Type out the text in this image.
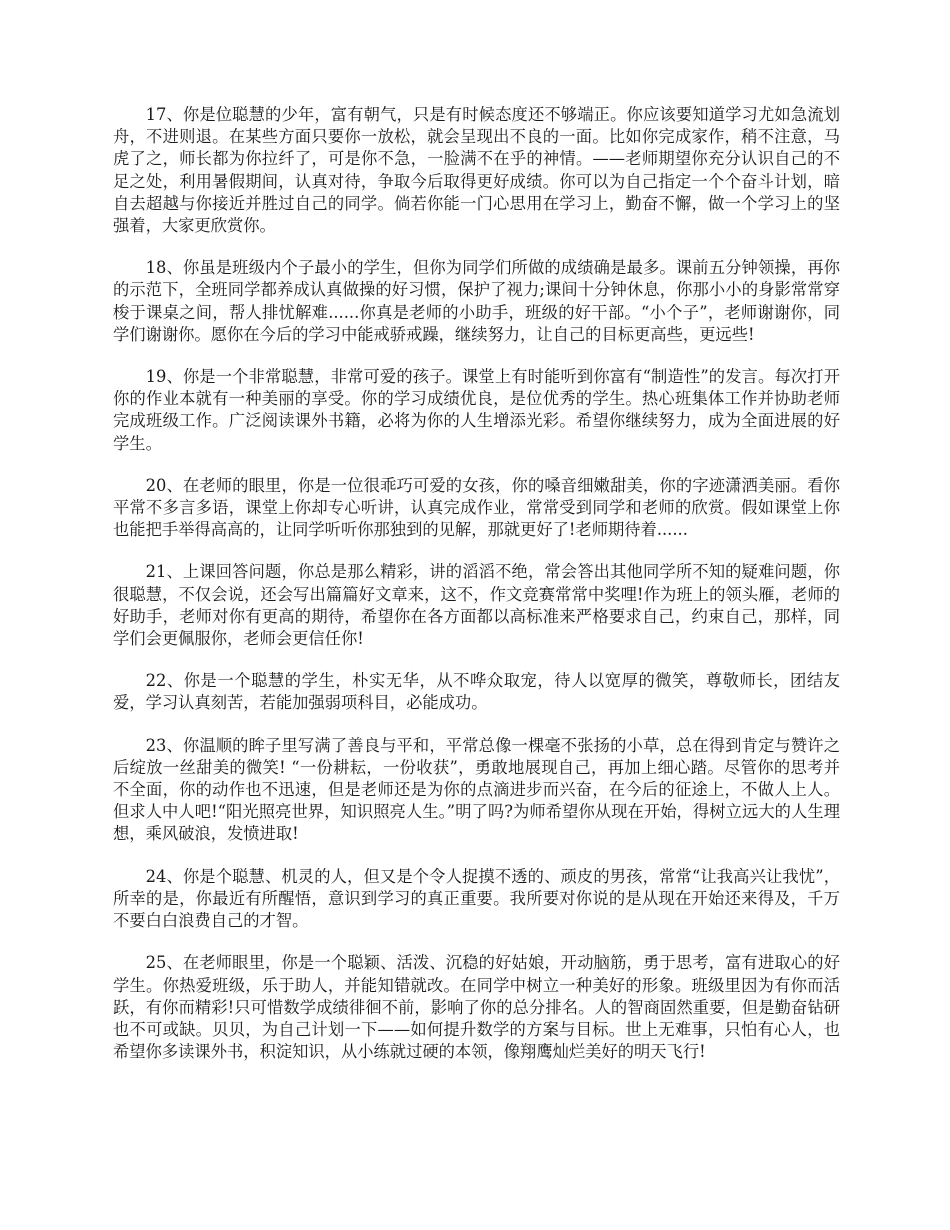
17、你是位聪慧的少年，富有朝气，只是有时候态度还不够端正。你应该要知道学习尤如急流划舟，不进则退。在某些方面只要你一放松，就会呈现出不良的一面。比如你完成家作，稍不注意，马虎了之，师长都为你拉纤了，可是你不急，一脸满不在乎的神情。——老师期望你充分认识自己的不足之处，利用暑假期间，认真对待，争取今后取得更好成绩。你可以为自己指定一个个奋斗计划，暗自去超越与你接近并胜过自己的同学。倘若你能一门心思用在学习上，勤奋不懈，做一个学习上的坚强着，大家更欣赏你。

18、你虽是班级内个子最小的学生，但你为同学们所做的成绩确是最多。课前五分钟领操，再你的示范下，全班同学都养成认真做操的好习惯，保护了视力;课间十分钟休息，你那小小的身影常常穿梭于课桌之间，帮人排忧解难......你真是老师的小助手，班级的好干部。“小个子”，老师谢谢你，同学们谢谢你。愿你在今后的学习中能戒骄戒躁，继续努力，让自己的目标更高些，更远些!

19、你是一个非常聪慧，非常可爱的孩子。课堂上有时能听到你富有“制造性”的发言。每次打开你的作业本就有一种美丽的享受。你的学习成绩优良，是位优秀的学生。热心班集体工作并协助老师完成班级工作。广泛阅读课外书籍，必将为你的人生增添光彩。希望你继续努力，成为全面进展的好学生。

20、在老师的眼里，你是一位很乖巧可爱的女孩，你的嗓音细嫩甜美，你的字迹潇洒美丽。看你平常不多言多语，课堂上你却专心听讲，认真完成作业，常常受到同学和老师的欣赏。假如课堂上你也能把手举得高高的，让同学听听你那独到的见解，那就更好了!老师期待着......

21、上课回答问题，你总是那么精彩，讲的滔滔不绝，常会答出其他同学所不知的疑难问题，你很聪慧，不仅会说，还会写出篇篇好文章来，这不，作文竞赛常常中奖哩!作为班上的领头雁，老师的好助手，老师对你有更高的期待，希望你在各方面都以高标准来严格要求自己，约束自己，那样，同学们会更佩服你，老师会更信任你!

22、你是一个聪慧的学生，朴实无华，从不哗众取宠，待人以宽厚的微笑，尊敬师长，团结友爱，学习认真刻苦，若能加强弱项科目，必能成功。

23、你温顺的眸子里写满了善良与平和，平常总像一棵毫不张扬的小草，总在得到肯定与赞许之后绽放一丝甜美的微笑! “一份耕耘，一份收获”，勇敢地展现自己，再加上细心踏。尽管你的思考并不全面，你的动作也不迅速，但是老师还是为你的点滴进步而兴奋，在今后的征途上，不做人上人。但求人中人吧!“阳光照亮世界，知识照亮人生。”明了吗?为师希望你从现在开始，得树立远大的人生理想，乘风破浪，发愤进取!

24、你是个聪慧、机灵的人，但又是个令人捉摸不透的、顽皮的男孩，常常“让我高兴让我忧”，所幸的是，你最近有所醒悟，意识到学习的真正重要。我所要对你说的是从现在开始还来得及，千万不要白白浪费自己的才智。

25、在老师眼里，你是一个聪颖、活泼、沉稳的好姑娘，开动脑筋，勇于思考，富有进取心的好学生。你热爱班级，乐于助人，并能知错就改。在同学中树立一种美好的形象。班级里因为有你而活跃，有你而精彩!只可惜数学成绩徘徊不前，影响了你的总分排名。人的智商固然重要，但是勤奋钻研也不可或缺。贝贝，为自己计划一下——如何提升数学的方案与目标。世上无难事，只怕有心人，也希望你多读课外书，积淀知识，从小练就过硬的本领，像翔鹰灿烂美好的明天飞行!
